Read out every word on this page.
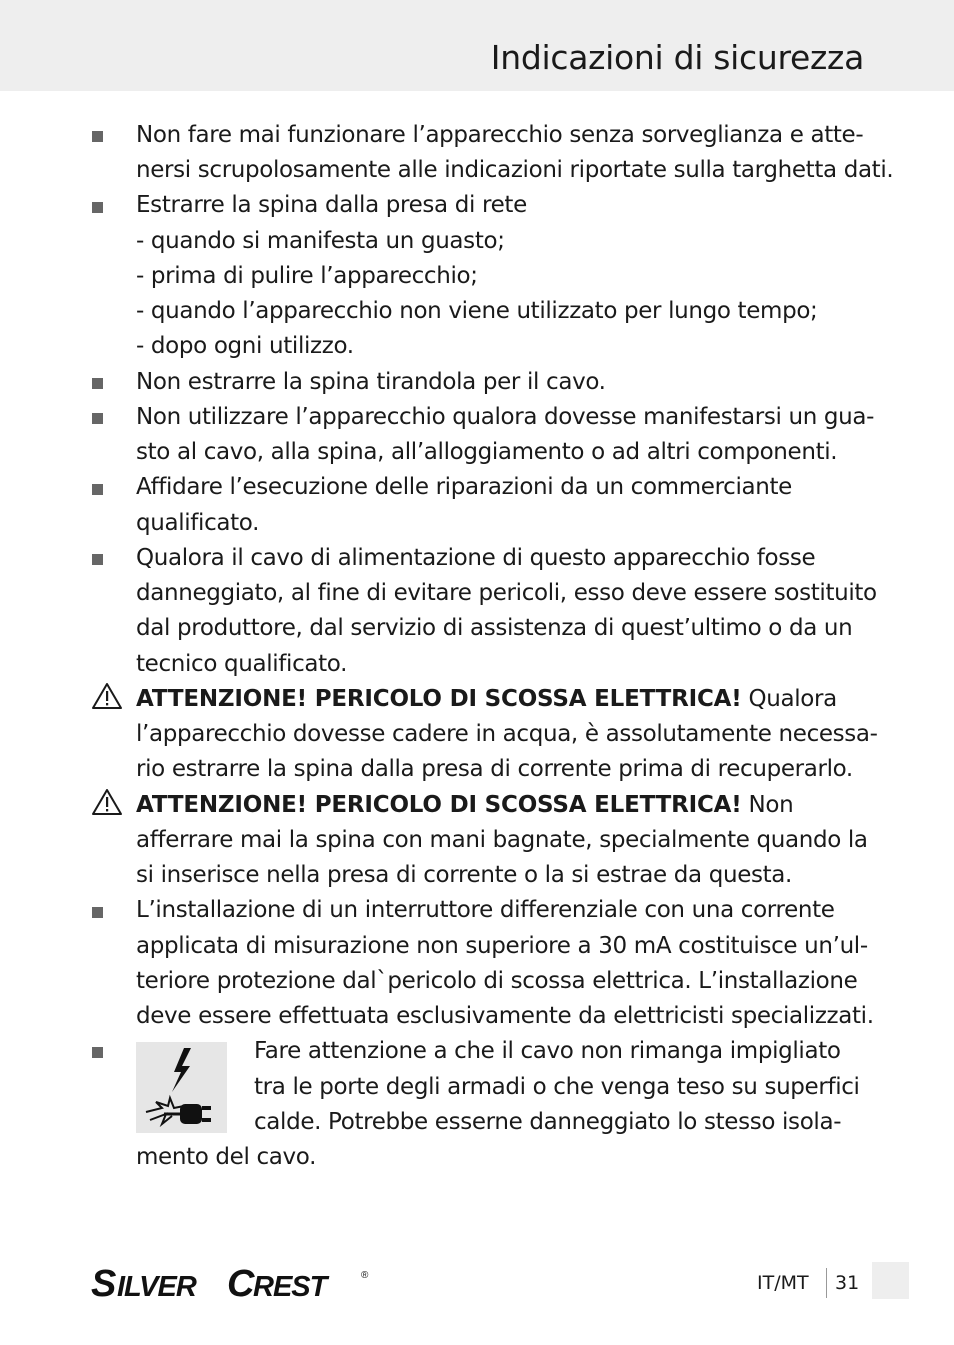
Indicazioni di sicurezza
Non fare mai funzionare l’apparecchio senza sorveglianza e atte-
nersi scrupolosamente alle indicazioni riportate sulla targhetta dati.
Estrarre la spina dalla presa di rete
- quando si manifesta un guasto;
- prima di pulire l’apparecchio;
- quando l’apparecchio non viene utilizzato per lungo tempo;
- dopo ogni utilizzo.
Non estrarre la spina tirandola per il cavo.
Non utilizzare l’apparecchio qualora dovesse manifestarsi un gua-
sto al cavo, alla spina, all’alloggiamento o ad altri componenti.
Affidare l’esecuzione delle riparazioni da un commerciante
qualificato.
Qualora il cavo di alimentazione di questo apparecchio fosse
danneggiato, al fine di evitare pericoli, esso deve essere sostituito
dal produttore, dal servizio di assistenza di quest’ultimo o da un
tecnico qualificato.
ATTENZIONE! PERICOLO DI SCOSSA ELETTRICA! Qualora
l’apparecchio dovesse cadere in acqua, è assolutamente necessa-
rio estrarre la spina dalla presa di corrente prima di recuperarlo.
ATTENZIONE! PERICOLO DI SCOSSA ELETTRICA! Non
afferrare mai la spina con mani bagnate, specialmente quando la
si inserisce nella presa di corrente o la si estrae da questa.
L’installazione di un interruttore differenziale con una corrente
applicata di misurazione non superiore a 30 mA costituisce un’ul-
teriore protezione dal`pericolo di scossa elettrica. L’installazione
deve essere effettuata esclusivamente da elettricisti specializzati.
Fare attenzione a che il cavo non rimanga impigliato
tra le porte degli armadi o che venga teso su superfici
calde. Potrebbe esserne danneggiato lo stesso isola-
mento del cavo.
S ILVER C REST	®	IT/MT 31
